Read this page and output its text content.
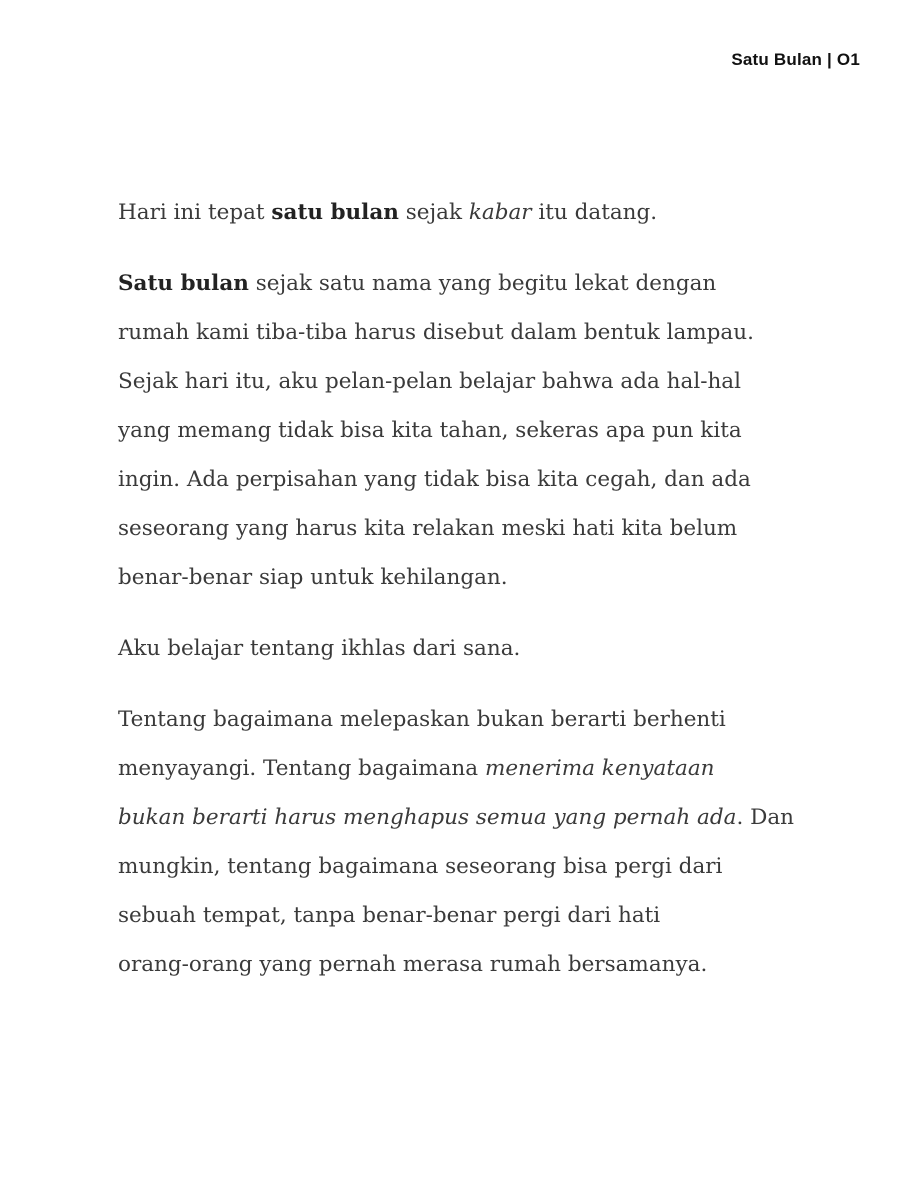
Satu Bulan | O1

Hari ini tepat satu bulan sejak kabar itu datang.

Satu bulan sejak satu nama yang begitu lekat dengan
rumah kami tiba-tiba harus disebut dalam bentuk lampau.
Sejak hari itu, aku pelan-pelan belajar bahwa ada hal-hal
yang memang tidak bisa kita tahan, sekeras apa pun kita
ingin. Ada perpisahan yang tidak bisa kita cegah, dan ada
seseorang yang harus kita relakan meski hati kita belum
benar-benar siap untuk kehilangan.

Aku belajar tentang ikhlas dari sana.

Tentang bagaimana melepaskan bukan berarti berhenti
menyayangi. Tentang bagaimana menerima kenyataan
bukan berarti harus menghapus semua yang pernah ada. Dan
mungkin, tentang bagaimana seseorang bisa pergi dari
sebuah tempat, tanpa benar-benar pergi dari hati
orang-orang yang pernah merasa rumah bersamanya.
